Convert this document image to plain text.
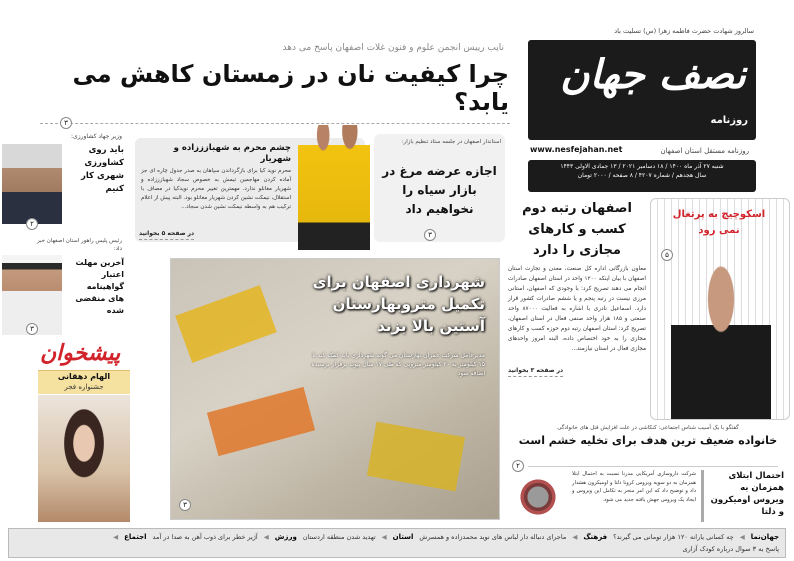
سالروز شهادت حضرت فاطمه زهرا (س) تسلیت باد
نصف جهان
روزنامه
روزنامه مستقل استان اصفهان
www.nesfejahan.net
شنبه ۲۷ آذر ماه ۱۴۰۰ / ۱۸ دسامبر ۲۰۲۱ / ۱۳ جمادی الاولی ۱۴۴۳
سال هجدهم / شماره ۴۲۰۷ / ۸ صفحه / ۲۰۰۰ تومان
نایب رییس انجمن علوم و فنون غلات اصفهان پاسخ می دهد
چرا کیفیت نان در زمستان کاهش می یابد؟
۳
وزیر جهاد کشاورزی:
باید روی کشاورزی شهری کار کنیم
۲
رئیس پلیس راهور استان اصفهان خبر داد:
آخرین مهلت اعتبار گواهینامه های منقضی شده
۳
پیشخوان
الهام دهقانی
جشنواره فجر
استاندار اصفهان در جلسه ستاد تنظیم بازار:
اجازه عرضه مرغ در بازار سیاه را نخواهیم داد
۳
چشم محرم به شهبازززاده و شهریار
محرم نوید کیا برای بازگرداندن سپاهان به صدر جدول چاره ای جز آماده کردن مهاجمین تیمش به خصوص سجاد شهبازززاده و شهریار مغانلو ندارد. مهمترین تغییر محرم نویدکیا در مصاف با استقلال، نیمکت نشین کردن شهریار مغانلو بود. البته پیش از اعلام ترکیب هم به واسطه نیمکت نشین شدن سجاد...
در صفحه ۵ بخوانید
شهرداری اصفهان برای تکمیل متروبهارستان آستین بالا بزند
مدیرعامل شرکت عمران بهارستان می گوید شهرداری باید کمک کند تا ۱۵ کیلومتر به ۲۰ کیلومتر مترویی که طی ۱۷ سال پیوند برقرار نرسیده اضافه شود
۳
اصفهان رتبه دوم کسب و کارهای مجازی را دارد
معاون بازرگانی اداره کل صنعت، معدن و تجارت استان اصفهان با بیان اینکه ۱۲۰۰ واحد در استان اصفهان صادرات انجام می دهند تصریح کرد: با وجودی که اصفهان، استانی مرزی نیست در رتبه پنجم و یا ششم صادرات کشور قرار دارد. اسماعیل نادری با اشاره به فعالیت ۸۷۰۰۰ واحد صنعتی و ۱۸۵ هزار واحد صنفی فعال در استان اصفهان، تصریح کرد: استان اصفهان رتبه دوم حوزه کسب و کارهای مجازی را به خود اختصاص داده، البته امروز واحدهای مجازی فعال در استان نیازمند...
در صفحه ۳ بخوانید
اسکوچیچ به پرتغال نمی رود
۵
گفتگو با یک آسیب شناس اجتماعی: کنکاشی در علت افزایش قتل های خانوادگی
خانواده ضعیف ترین هدف برای تخلیه خشم است
۲
احتمال ابتلای همزمان به ویروس اومیکرون و دلتا
شرکت داروسازی آمریکایی مدرنا نسبت به احتمال ابتلا همزمان به دو سویه ویروس کرونا دلتا و اومیکرون هشدار داد و توضیح داد که این امر منجر به تکامل این ویروس و ایجاد یک ویروس جهش یافته جدید می شود.
جهان‌نما
◀
چه کسانی یارانه ۱۲۰ هزار تومانی می گیرند؟
فرهنگ
◀
ماجرای دنباله دار لباس های نوید محمدزاده و همسرش
استان
◀
تهدید شدن منطقه اردستان
ورزش
◀
آژیر خطر برای ذوب آهن به صدا در آمد
اجتماع
◀
پاسخ به ۳ سوال درباره کودک آزاری
